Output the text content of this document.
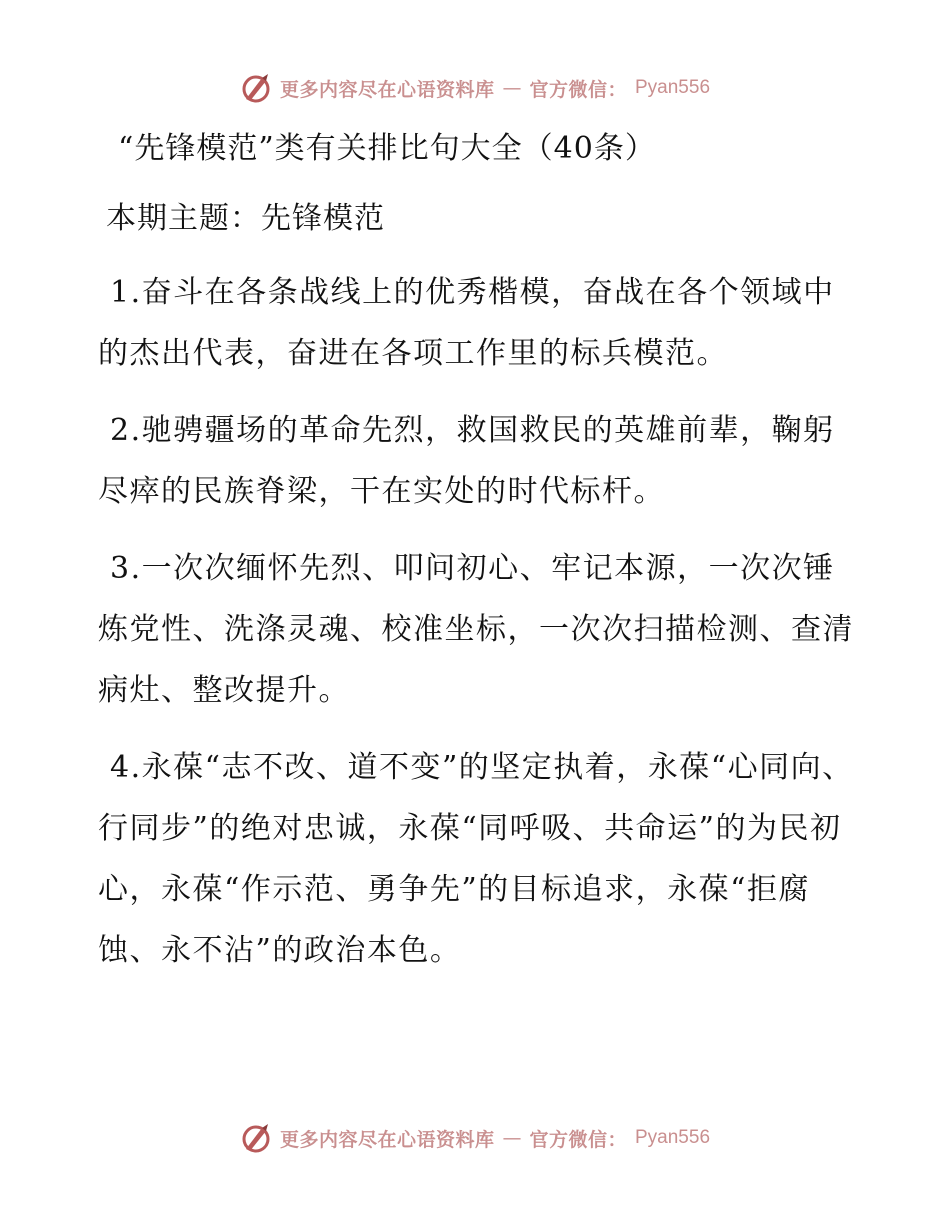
更多内容尽在心语资料库 — 官方微信： Pyan556
“先锋模范”类有关排比句大全（40条）
本期主题：先锋模范

1.奋斗在各条战线上的优秀楷模，奋战在各个领域中的杰出代表，奋进在各项工作里的标兵模范。

2.驰骋疆场的革命先烈，救国救民的英雄前辈，鞠躬尽瘁的民族脊梁，干在实处的时代标杆。

3.一次次缅怀先烈、叩问初心、牢记本源，一次次锤炼党性、洗涤灵魂、校准坐标，一次次扫描检测、查清病灶、整改提升。

4.永葆“志不改、道不变”的坚定执着，永葆“心同向、行同步”的绝对忠诚，永葆“同呼吸、共命运”的为民初心，永葆“作示范、勇争先”的目标追求，永葆“拒腐蚀、永不沾”的政治本色。

更多内容尽在心语资料库 — 官方微信： Pyan556
